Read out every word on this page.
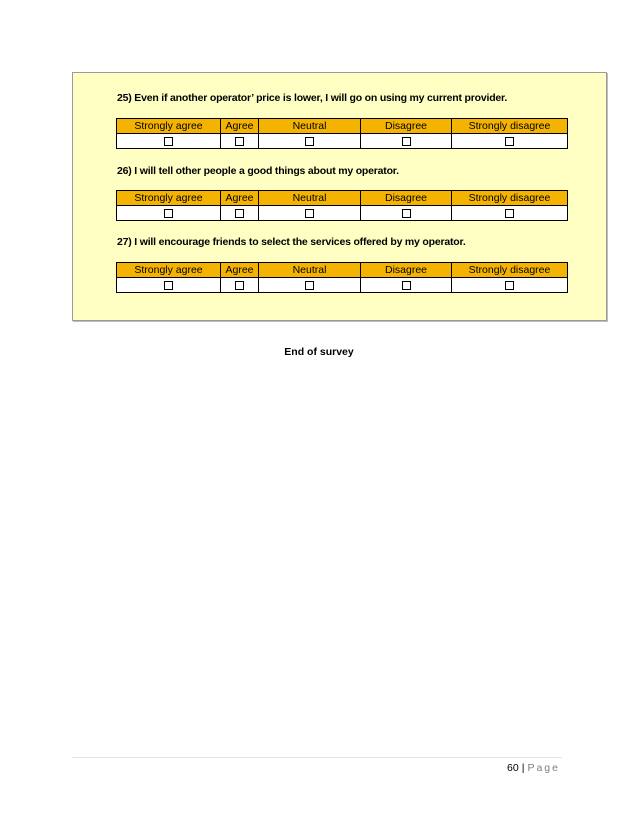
25) Even if another operator’ price is lower, I will go on using my current provider.
Strongly agree	Agree	Neutral	Disagree	Strongly disagree

26) I will tell other people a good things about my operator.
Strongly agree	Agree	Neutral	Disagree	Strongly disagree

27) I will encourage friends to select the services offered by my operator.
Strongly agree	Agree	Neutral	Disagree	Strongly disagree

End of survey
60 | Page
